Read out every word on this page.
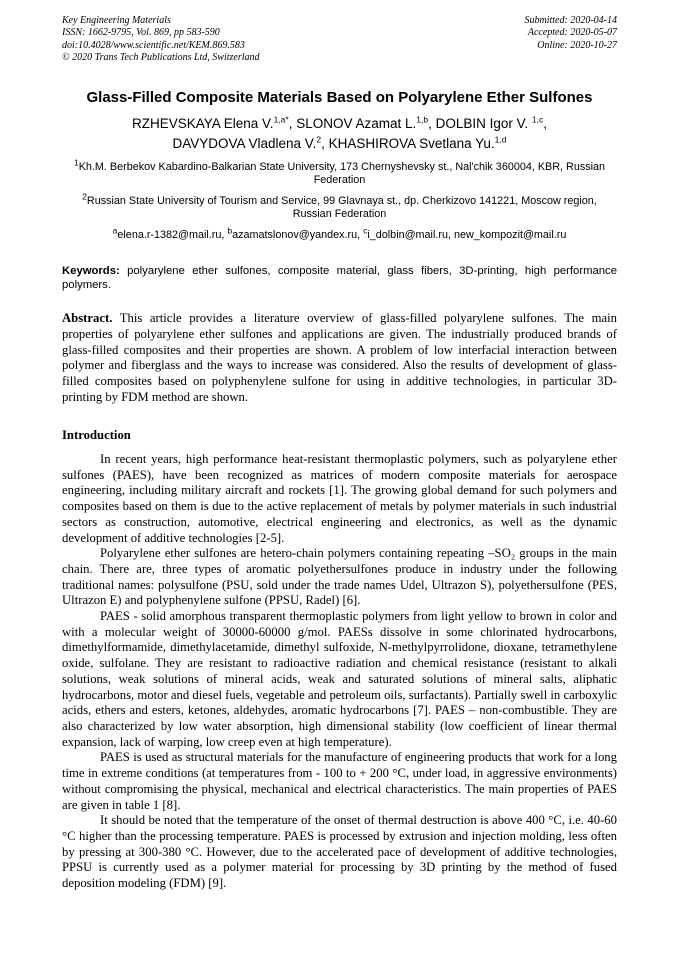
Key Engineering Materials
ISSN: 1662-9795, Vol. 869, pp 583-590
doi:10.4028/www.scientific.net/KEM.869.583
© 2020 Trans Tech Publications Ltd, Switzerland
Submitted: 2020-04-14
Accepted: 2020-05-07
Online: 2020-10-27
Glass-Filled Composite Materials Based on Polyarylene Ether Sulfones
RZHEVSKAYA Elena V.$^{1,a*}$, SLONOV Azamat L.$^{1,b}$, DOLBIN Igor V. $^{1,c}$,
DAVYDOVA Vladlena V.$^2$, KHASHIROVA Svetlana Yu.$^{1,d}$
$^1$Kh.M. Berbekov Kabardino-Balkarian State University, 173 Chernyshevsky st., Nal'chik 360004, KBR, Russian Federation
$^2$Russian State University of Tourism and Service, 99 Glavnaya st., dp. Cherkizovo 141221, Moscow region, Russian Federation
$^a$elena.r-1382@mail.ru, $^b$azamatslonov@yandex.ru, $^c$i_dolbin@mail.ru, new_kompozit@mail.ru
Keywords: polyarylene ether sulfones, composite material, glass fibers, 3D-printing, high performance polymers.
Abstract. This article provides a literature overview of glass-filled polyarylene sulfones. The main properties of polyarylene ether sulfones and applications are given. The industrially produced brands of glass-filled composites and their properties are shown. A problem of low interfacial interaction between polymer and fiberglass and the ways to increase was considered. Also the results of development of glass-filled composites based on polyphenylene sulfone for using in additive technologies, in particular 3D-printing by FDM method are shown.
Introduction

In recent years, high performance heat-resistant thermoplastic polymers, such as polyarylene ether sulfones (PAES), have been recognized as matrices of modern composite materials for aerospace engineering, including military aircraft and rockets [1]. The growing global demand for such polymers and composites based on them is due to the active replacement of metals by polymer materials in such industrial sectors as construction, automotive, electrical engineering and electronics, as well as the dynamic development of additive technologies [2-5].

Polyarylene ether sulfones are hetero-chain polymers containing repeating –SO₂ groups in the main chain. There are, three types of aromatic polyethersulfones produce in industry under the following traditional names: polysulfone (PSU, sold under the trade names Udel, Ultrazon S), polyethersulfone (PES, Ultrazon E) and polyphenylene sulfone (PPSU, Radel) [6].

PAES - solid amorphous transparent thermoplastic polymers from light yellow to brown in color and with a molecular weight of 30000-60000 g/mol. PAESs dissolve in some chlorinated hydrocarbons, dimethylformamide, dimethylacetamide, dimethyl sulfoxide, N-methylpyrrolidone, dioxane, tetramethylene oxide, sulfolane. They are resistant to radioactive radiation and chemical resistance (resistant to alkali solutions, weak solutions of mineral acids, weak and saturated solutions of mineral salts, aliphatic hydrocarbons, motor and diesel fuels, vegetable and petroleum oils, surfactants). Partially swell in carboxylic acids, ethers and esters, ketones, aldehydes, aromatic hydrocarbons [7]. PAES – non-combustible. They are also characterized by low water absorption, high dimensional stability (low coefficient of linear thermal expansion, lack of warping, low creep even at high temperature).

PAES is used as structural materials for the manufacture of engineering products that work for a long time in extreme conditions (at temperatures from - 100 to + 200 °C, under load, in aggressive environments) without compromising the physical, mechanical and electrical characteristics. The main properties of PAES are given in table 1 [8].

It should be noted that the temperature of the onset of thermal destruction is above 400 °C, i.e. 40-60 °C higher than the processing temperature. PAES is processed by extrusion and injection molding, less often by pressing at 300-380 °C. However, due to the accelerated pace of development of additive technologies, PPSU is currently used as a polymer material for processing by 3D printing by the method of fused deposition modeling (FDM) [9].
